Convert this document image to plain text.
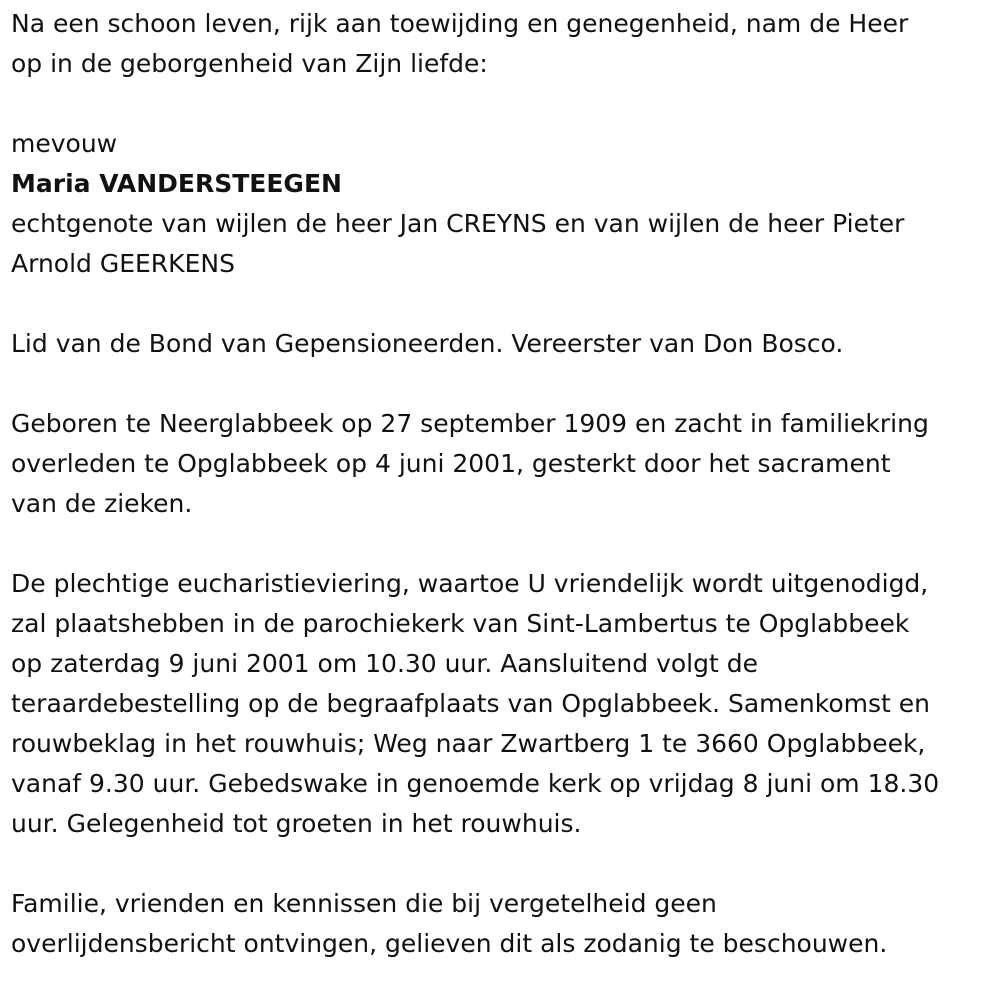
Na een schoon leven, rijk aan toewijding en genegenheid, nam de Heer
op in de geborgenheid van Zijn liefde:

mevouw

Maria VANDERSTEEGEN

echtgenote van wijlen de heer Jan CREYNS en van wijlen de heer Pieter
Arnold GEERKENS

Lid van de Bond van Gepensioneerden. Vereerster van Don Bosco.

Geboren te Neerglabbeek op 27 september 1909 en zacht in familiekring
overleden te Opglabbeek op 4 juni 2001, gesterkt door het sacrament
van de zieken.

De plechtige eucharistieviering, waartoe U vriendelijk wordt uitgenodigd,
zal plaatshebben in de parochiekerk van Sint-Lambertus te Opglabbeek
op zaterdag 9 juni 2001 om 10.30 uur. Aansluitend volgt de
teraardebestelling op de begraafplaats van Opglabbeek. Samenkomst en
rouwbeklag in het rouwhuis; Weg naar Zwartberg 1 te 3660 Opglabbeek,
vanaf 9.30 uur. Gebedswake in genoemde kerk op vrijdag 8 juni om 18.30
uur. Gelegenheid tot groeten in het rouwhuis.

Familie, vrienden en kennissen die bij vergetelheid geen
overlijdensbericht ontvingen, gelieven dit als zodanig te beschouwen.
